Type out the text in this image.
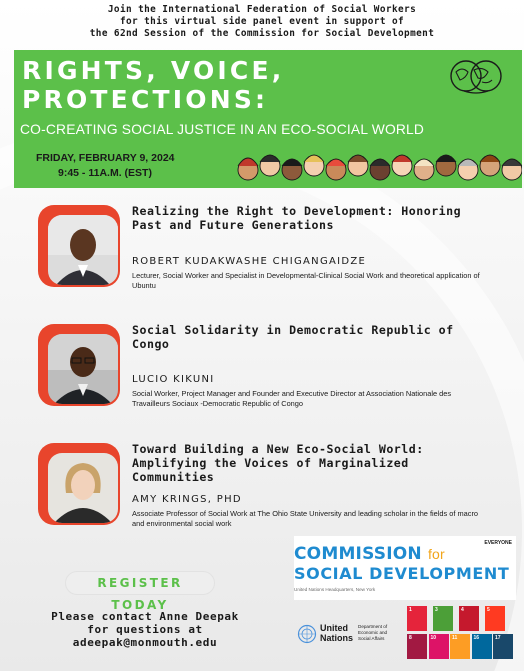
Join the International Federation of Social Workers
for this virtual side panel event in support of
the 62nd Session of the Commission for Social Development
RIGHTS, VOICE,
PROTECTIONS:
CO-CREATING SOCIAL JUSTICE IN AN ECO-SOCIAL WORLD
FRIDAY, FEBRUARY 9, 2024
9:45 - 11A.M. (EST)
Realizing the Right to Development: Honoring Past and Future Generations
ROBERT KUDAKWASHE CHIGANGAIDZE
Lecturer, Social Worker and Specialist in Developmental-Clinical Social Work and theoretical application of Ubuntu
Social Solidarity in Democratic Republic of Congo
LUCIO KIKUNI
Social Worker, Project Manager and Founder and Executive Director at Association Nationale des Travailleurs Sociaux -Democratic Republic of Congo
Toward Building a New Eco-Social World: Amplifying the Voices of Marginalized Communities
AMY KRINGS, PHD
Associate Professor of Social Work at The Ohio State University and leading scholar in the fields of macro and environmental social work
REGISTER TODAY
Please contact Anne Deepak
for questions at
adeepak@monmouth.edu
EVERYONE
COMMISSION for
SOCIAL DEVELOPMENT
United Nations Headquarters, New York
United
Nations
Department of
Economic and
Social Affairs
1	3	4	5
8	10	11	16	17
